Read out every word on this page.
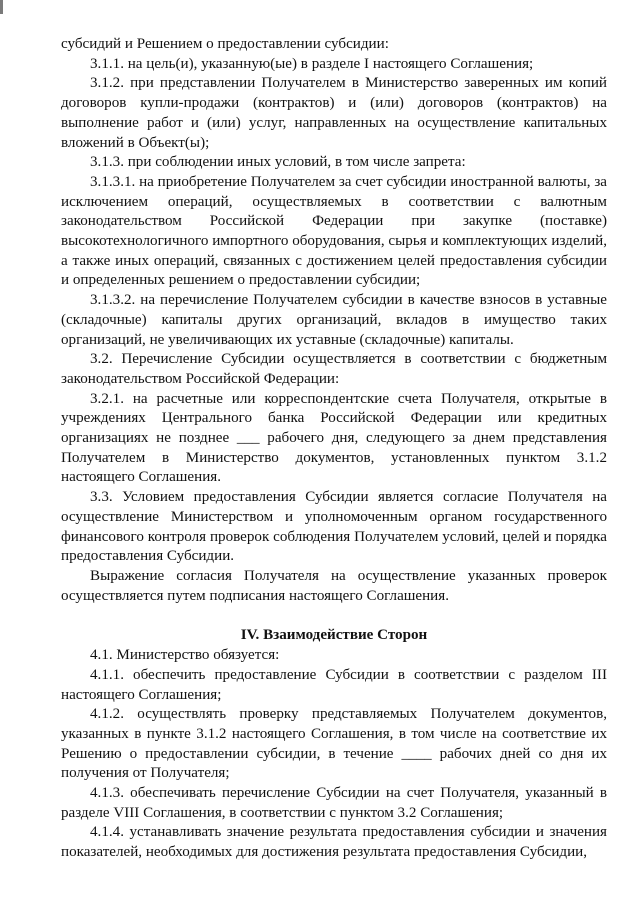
субсидий и Решением о предоставлении субсидии:

3.1.1. на цель(и), указанную(ые) в разделе I настоящего Соглашения;

3.1.2. при представлении Получателем в Министерство заверенных им копий договоров купли-продажи (контрактов) и (или) договоров (контрактов) на выполнение работ и (или) услуг, направленных на осуществление капитальных вложений в Объект(ы);

3.1.3. при соблюдении иных условий, в том числе запрета:

3.1.3.1. на приобретение Получателем за счет субсидии иностранной валюты, за исключением операций, осуществляемых в соответствии с валютным законодательством Российской Федерации при закупке (поставке) высокотехнологичного импортного оборудования, сырья и комплектующих изделий, а также иных операций, связанных с достижением целей предоставления субсидии и определенных решением о предоставлении субсидии;

3.1.3.2. на перечисление Получателем субсидии в качестве взносов в уставные (складочные) капиталы других организаций, вкладов в имущество таких организаций, не увеличивающих их уставные (складочные) капиталы.

3.2. Перечисление Субсидии осуществляется в соответствии с бюджетным законодательством Российской Федерации:

3.2.1. на расчетные или корреспондентские счета Получателя, открытые в учреждениях Центрального банка Российской Федерации или кредитных организациях не позднее ___ рабочего дня, следующего за днем представления Получателем в Министерство документов, установленных пунктом 3.1.2 настоящего Соглашения.

3.3. Условием предоставления Субсидии является согласие Получателя на осуществление Министерством и уполномоченным органом государственного финансового контроля проверок соблюдения Получателем условий, целей и порядка предоставления Субсидии.

Выражение согласия Получателя на осуществление указанных проверок осуществляется путем подписания настоящего Соглашения.

IV. Взаимодействие Сторон

4.1. Министерство обязуется:

4.1.1. обеспечить предоставление Субсидии в соответствии с разделом III настоящего Соглашения;

4.1.2. осуществлять проверку представляемых Получателем документов, указанных в пункте 3.1.2 настоящего Соглашения, в том числе на соответствие их Решению о предоставлении субсидии, в течение ____ рабочих дней со дня их получения от Получателя;

4.1.3. обеспечивать перечисление Субсидии на счет Получателя, указанный в разделе VIII Соглашения, в соответствии с пунктом 3.2 Соглашения;

4.1.4. устанавливать значение результата предоставления субсидии и значения показателей, необходимых для достижения результата предоставления Субсидии,
